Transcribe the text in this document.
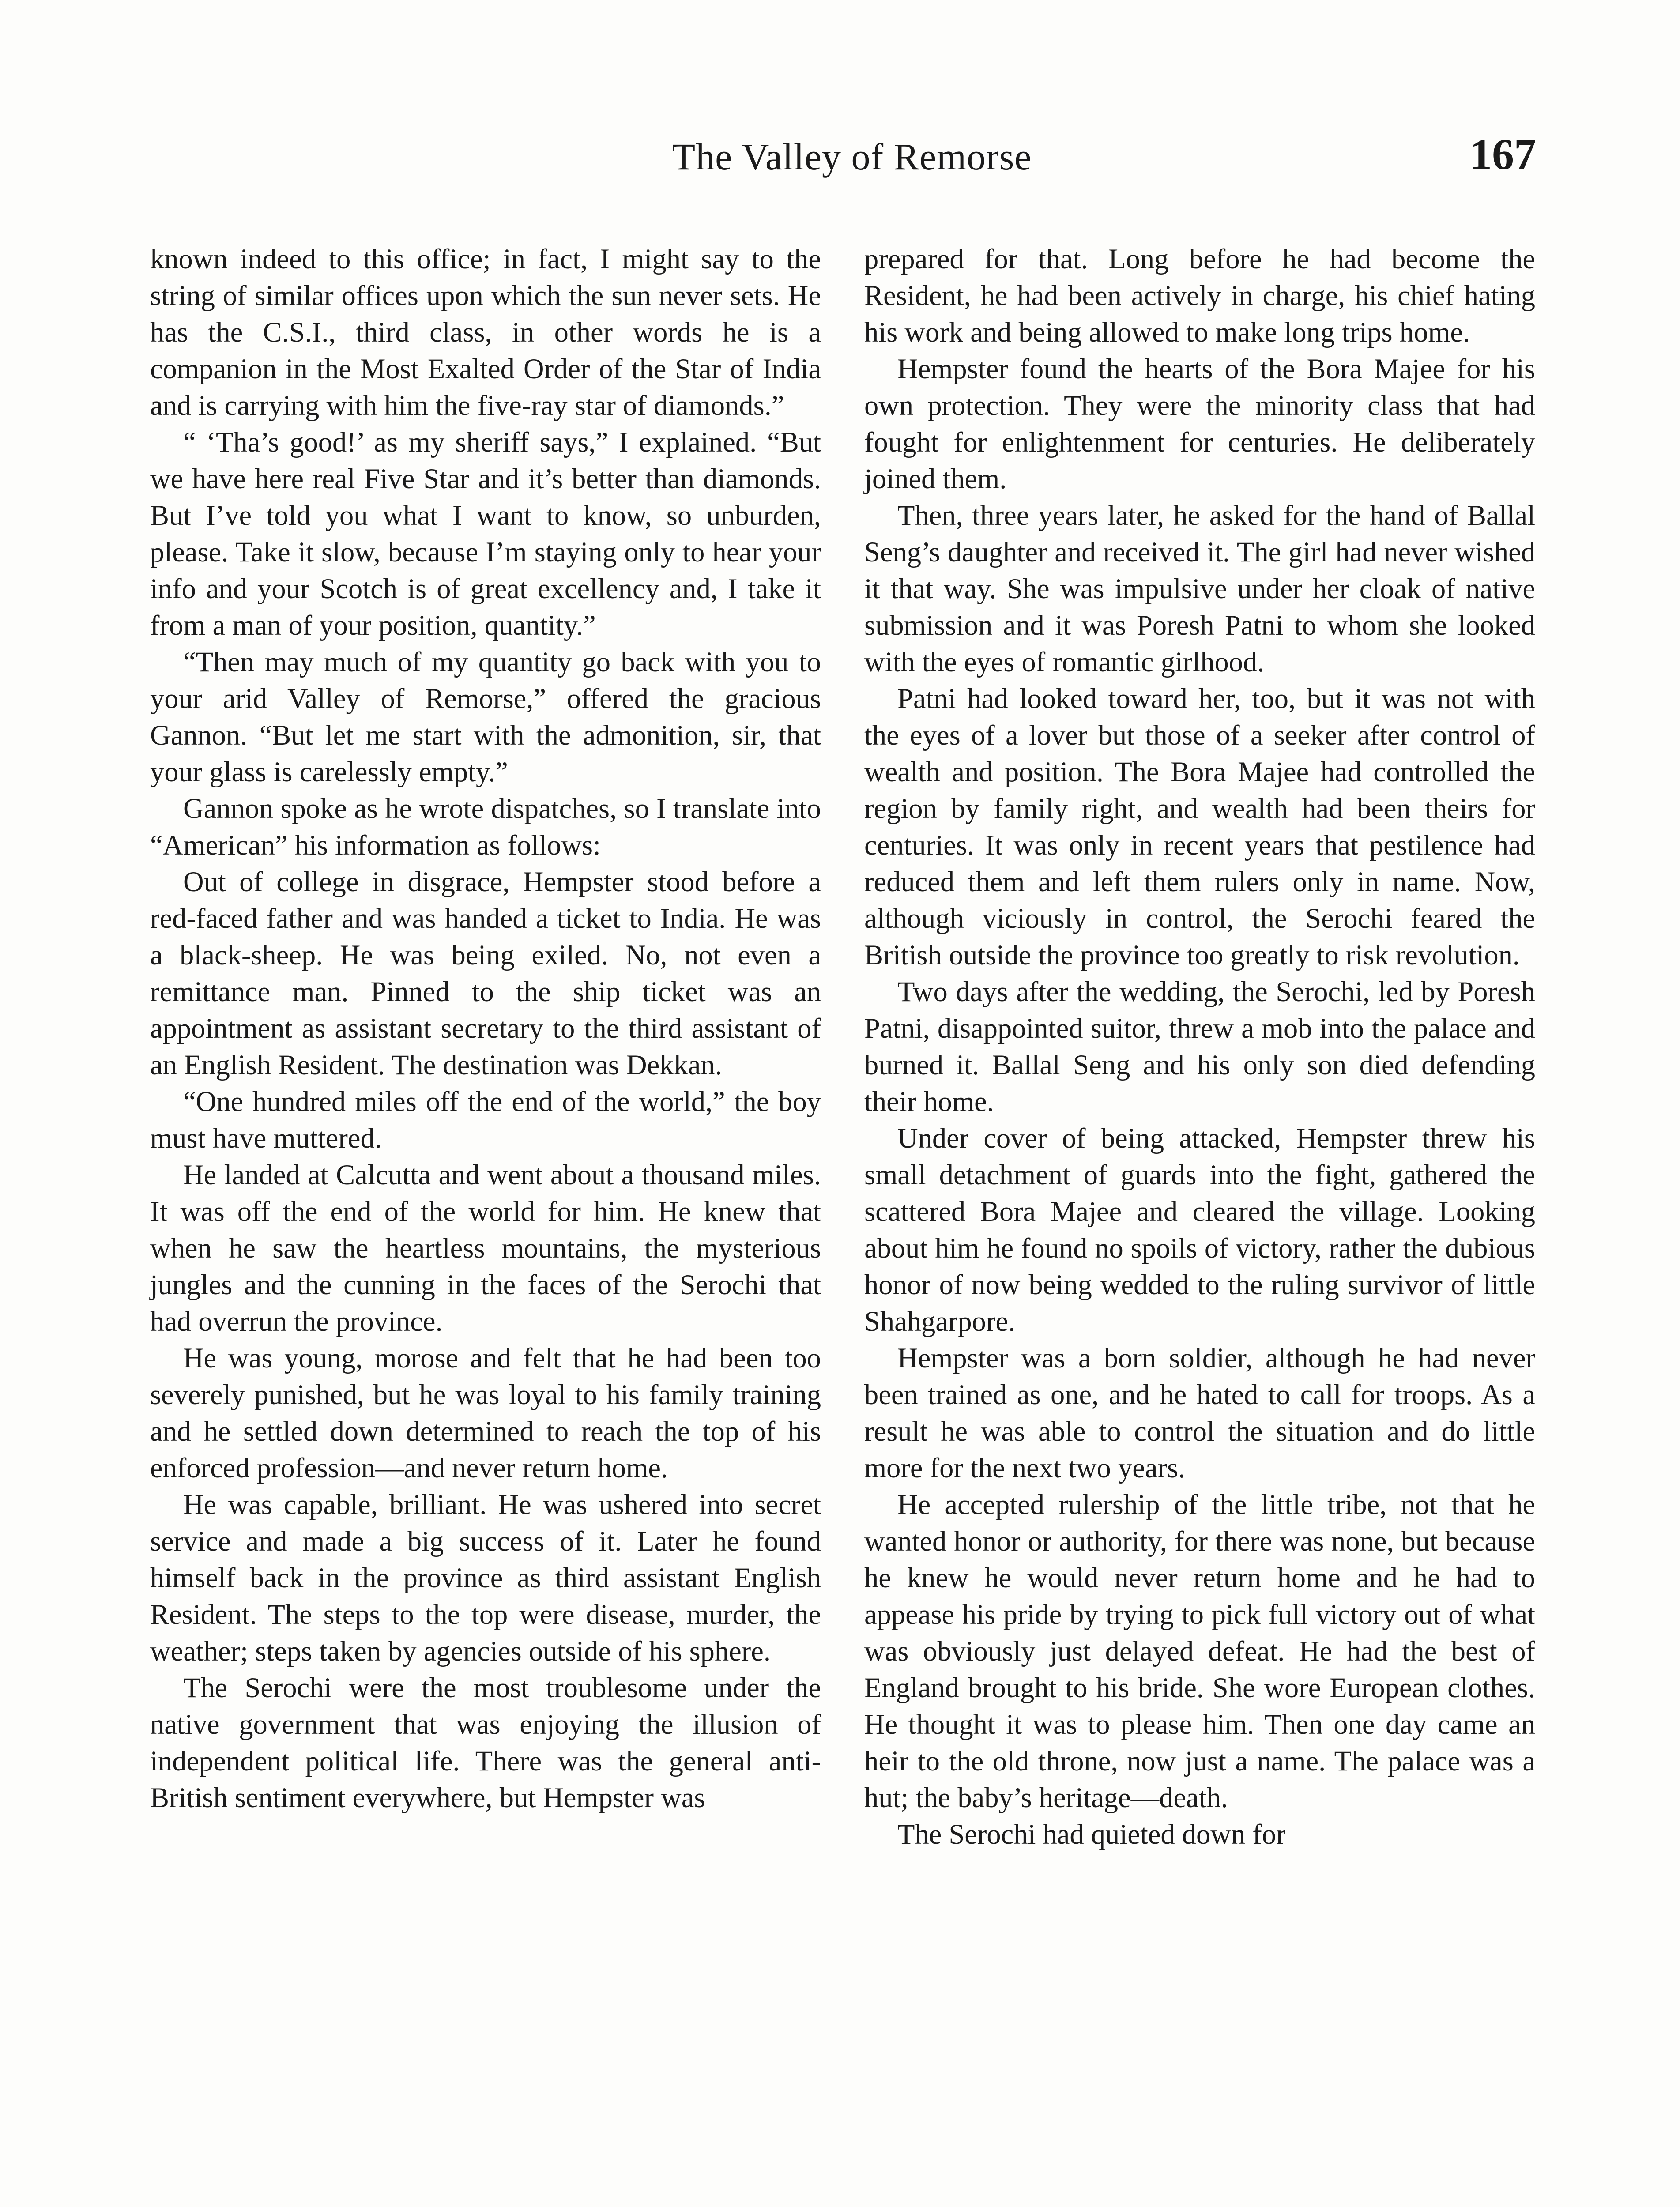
The Valley of Remorse	167

known indeed to this office; in fact, I might say to the string of similar offices upon which the sun never sets. He has the C.S.I., third class, in other words he is a companion in the Most Exalted Order of the Star of India and is carrying with him the five-ray star of diamonds.”

“ ‘Tha’s good!’ as my sheriff says,” I explained. “But we have here real Five Star and it’s better than diamonds. But I’ve told you what I want to know, so unburden, please. Take it slow, because I’m staying only to hear your info and your Scotch is of great excellency and, I take it from a man of your position, quantity.”

“Then may much of my quantity go back with you to your arid Valley of Remorse,” offered the gracious Gannon. “But let me start with the admonition, sir, that your glass is carelessly empty.”

Gannon spoke as he wrote dispatches, so I translate into “American” his information as follows:

Out of college in disgrace, Hempster stood before a red-faced father and was handed a ticket to India. He was a black-sheep. He was being exiled. No, not even a remittance man. Pinned to the ship ticket was an appointment as assistant secretary to the third assistant of an English Resident. The destination was Dekkan.

“One hundred miles off the end of the world,” the boy must have muttered.

He landed at Calcutta and went about a thousand miles. It was off the end of the world for him. He knew that when he saw the heartless mountains, the mysterious jungles and the cunning in the faces of the Serochi that had overrun the province.

He was young, morose and felt that he had been too severely punished, but he was loyal to his family training and he settled down determined to reach the top of his enforced profession—and never return home.

He was capable, brilliant. He was ushered into secret service and made a big success of it. Later he found himself back in the province as third assistant English Resident. The steps to the top were disease, murder, the weather; steps taken by agencies outside of his sphere.

The Serochi were the most troublesome under the native government that was enjoying the illusion of independent political life. There was the general anti-British sentiment everywhere, but Hempster was

prepared for that. Long before he had become the Resident, he had been actively in charge, his chief hating his work and being allowed to make long trips home.

Hempster found the hearts of the Bora Majee for his own protection. They were the minority class that had fought for enlightenment for centuries. He deliberately joined them.

Then, three years later, he asked for the hand of Ballal Seng’s daughter and received it. The girl had never wished it that way. She was impulsive under her cloak of native submission and it was Poresh Patni to whom she looked with the eyes of romantic girlhood.

Patni had looked toward her, too, but it was not with the eyes of a lover but those of a seeker after control of wealth and position. The Bora Majee had controlled the region by family right, and wealth had been theirs for centuries. It was only in recent years that pestilence had reduced them and left them rulers only in name. Now, although viciously in control, the Serochi feared the British outside the province too greatly to risk revolution.

Two days after the wedding, the Serochi, led by Poresh Patni, disappointed suitor, threw a mob into the palace and burned it. Ballal Seng and his only son died defending their home.

Under cover of being attacked, Hempster threw his small detachment of guards into the fight, gathered the scattered Bora Majee and cleared the village. Looking about him he found no spoils of victory, rather the dubious honor of now being wedded to the ruling survivor of little Shahgarpore.

Hempster was a born soldier, although he had never been trained as one, and he hated to call for troops. As a result he was able to control the situation and do little more for the next two years.

He accepted rulership of the little tribe, not that he wanted honor or authority, for there was none, but because he knew he would never return home and he had to appease his pride by trying to pick full victory out of what was obviously just delayed defeat. He had the best of England brought to his bride. She wore European clothes. He thought it was to please him. Then one day came an heir to the old throne, now just a name. The palace was a hut; the baby’s heritage—death.

The Serochi had quieted down for
